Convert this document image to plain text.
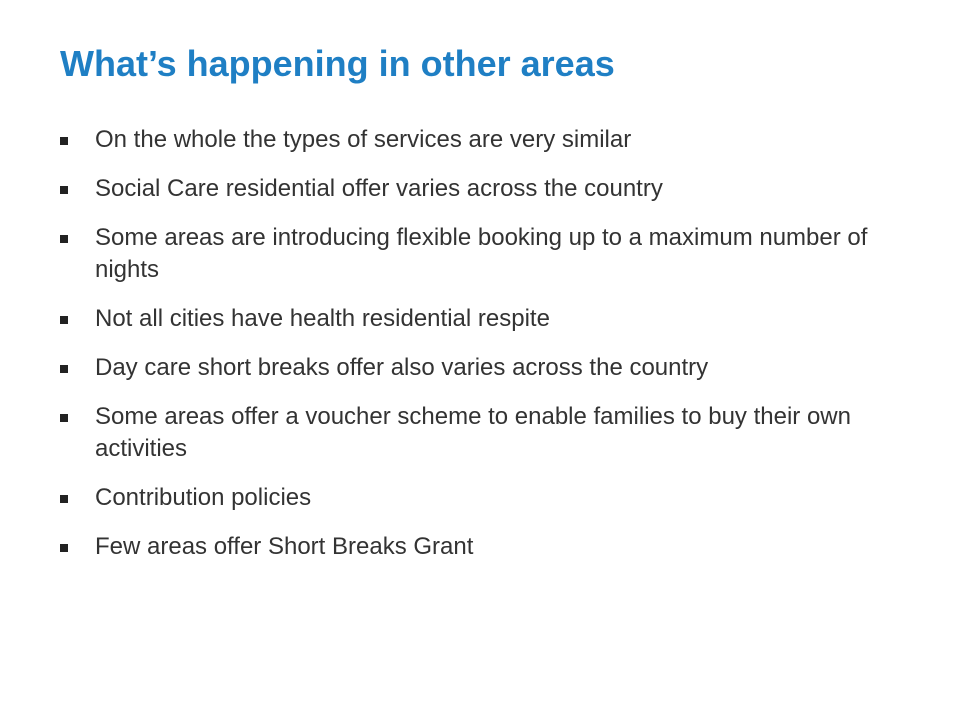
What’s happening in other areas
On the whole the types of services are very similar
Social Care residential offer varies across the country
Some areas are introducing flexible booking up to a maximum number of nights
Not all cities have health residential respite
Day care short breaks offer also varies across the country
Some areas offer a voucher scheme to enable families to buy their own activities
Contribution policies
Few areas offer Short Breaks Grant
